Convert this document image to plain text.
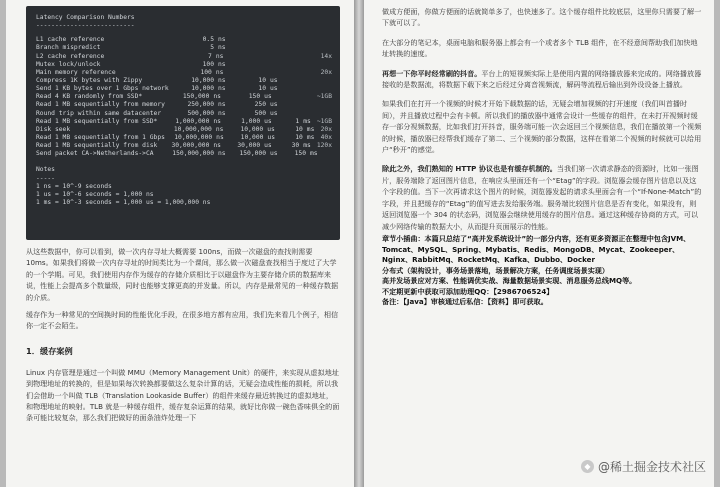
Latency Comparison Numbers
--------------------------
L1 cache reference	0.5 ns
Branch mispredict	5 ns
L2 cache reference	7 ns	14x
Mutex lock/unlock	100 ns
Main memory reference	100 ns	20x
Compress 1K bytes with Zippy	10,000 ns	10 us
Send 1 KB bytes over 1 Gbps network	10,000 ns	10 us
Read 4 KB randomly from SSD*	150,000 ns	150 us	~1GB
Read 1 MB sequentially from memory	250,000 ns	250 us
Round trip within same datacenter	500,000 ns	500 us
Read 1 MB sequentially from SSD*	1,000,000 ns	1,000 us	1 ms ~1GB
Disk seek	10,000,000 ns	10,000 us	10 ms 20x
Read 1 MB sequentially from 1 Gbps	10,000,000 ns	10,000 us	10 ms 40x
Read 1 MB sequentially from disk	30,000,000 ns	30,000 us	30 ms 120x
Send packet CA->Netherlands->CA	150,000,000 ns	150,000 us	150 ms
Notes
-----
1 ns = 10^-9 seconds
1 us = 10^-6 seconds = 1,000 ns
1 ms = 10^-3 seconds = 1,000 us = 1,000,000 ns

从这些数据中，你可以看到，做一次内存寻址大概需要 100ns，而做一次磁盘的查找则需要 10ms。如果我们将做一次内存寻址的时间类比为一个课间，那么做一次磁盘查找相当于度过了大学的一个学期。可见，我们使用内存作为缓存的存储介质相比于以磁盘作为主要存储介质的数据库来说，性能上会提高多个数量级，同时也能够支撑更高的并发量。所以，内存是最常见的一种缓存数据的介质。

缓存作为一种常见的空间换时间的性能优化手段，在很多地方都有应用，我们先来看几个例子，相信你一定不会陌生。

1．缓存案例

Linux 内存管理是通过一个叫做 MMU（Memory Management Unit）的硬件，来实现从虚拟地址到物理地址的转换的，但是如果每次转换都要做这么复杂计算的话，无疑会造成性能的损耗，所以我们会借助一个叫做 TLB（Translation Lookaside Buffer）的组件来缓存最近转换过的虚拟地址，和物理地址的映射。TLB 就是一种缓存组件，缓存复杂运算的结果，就好比你做一碗色香味俱全的面条可能比较复杂，那么我们把做好的面条油炸处理一下

做成方便面，你做方便面的话就简单多了，也快速多了。这个缓存组件比较底层，这里你只需要了解一下就可以了。

在大部分的笔记本，桌面电脑和服务器上都会有一个或者多个 TLB 组件，在不经意间帮助我们加快地址转换的速度。

再想一下你平时经常刷的抖音。平台上的短视频实际上是使用内置的网络播放器来完成的。网络播放器接收的是数据流，将数据下载下来之后经过分离音视频流，解码等流程后输出到外设设备上播放。

如果我们在打开一个视频的时候才开始下载数据的话，无疑会增加视频的打开速度（我们叫首播时间），并且播放过程中会有卡顿。所以我们的播放器中通常会设计一些缓存的组件，在未打开视频时缓存一部分视频数据，比如我们打开抖音，服务端可能一次会返回三个视频信息，我们在播放第一个视频的时候，播放器已经帮我们缓存了第二、三个视频的部分数据，这样在看第二个视频的时候就可以给用户“秒开”的感觉。

除此之外，我们熟知的 HTTP 协议也是有缓存机制的。当我们第一次请求静态的资源时，比如一张图片，服务端除了返回图片信息，在响应头里面还有一个“Etag”的字段。浏览器会缓存图片信息以及这个字段的值。当下一次再请求这个图片的时候，浏览器发起的请求头里面会有一个“If-None-Match”的字段，并且把缓存的“Etag”的值写进去发给服务端。服务端比较图片信息是否有变化，如果没有，则返回浏览器一个 304 的状态码，浏览器会继续使用缓存的图片信息。通过这种缓存协商的方式，可以减少网络传输的数据大小，从而提升页面展示的性能。

章节小插曲：本篇只总结了“高并发系统设计”的一部分内容，还有更多资源正在整理中包含JVM、Tomcat、MySQL、Spring、Mybatis、Redis、MongoDB、Mycat、Zookeeper、Nginx、RabbitMq、RocketMq、Kafka、Dubbo、Docker

分布式（架构设计，事务场景落地，场景解决方案，任务调度场景实现）

高并发场景应对方案、性能调优实战、海量数据场景实现、消息服务总线MQ等。

不定期更新中获取可添加助理QQ：【2986706524】

备注：【Java】审核通过后私信：【资料】即可获取。

◆ @稀土掘金技术社区
